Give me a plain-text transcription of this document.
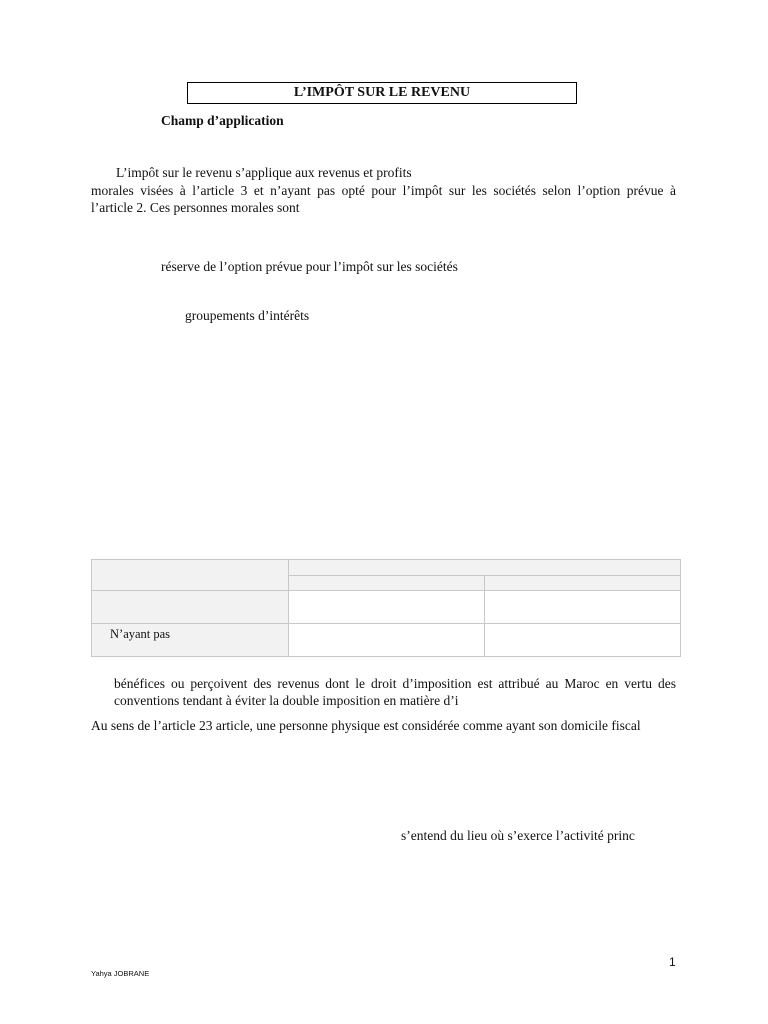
L’IMPÔT SUR LE REVENU
Champ d’application
L’impôt sur le revenu s’applique aux revenus et profits
morales visées à l’article 3 et n’ayant pas opté pour l’impôt sur les sociétés selon l’option prévue à
l’article 2. Ces personnes morales sont
réserve de l’option prévue pour l’impôt sur les sociétés
groupements d’intérêts

N’ayant pas		
bénéfices ou perçoivent des revenus dont le droit d’imposition est attribué au Maroc en vertu des
conventions tendant à éviter la double imposition en matière d’i
Au sens de l’article 23 article, une personne physique est considérée comme ayant son domicile fiscal
s’entend du lieu où s’exerce l’activité princ
1
Yahya JOBRANE
